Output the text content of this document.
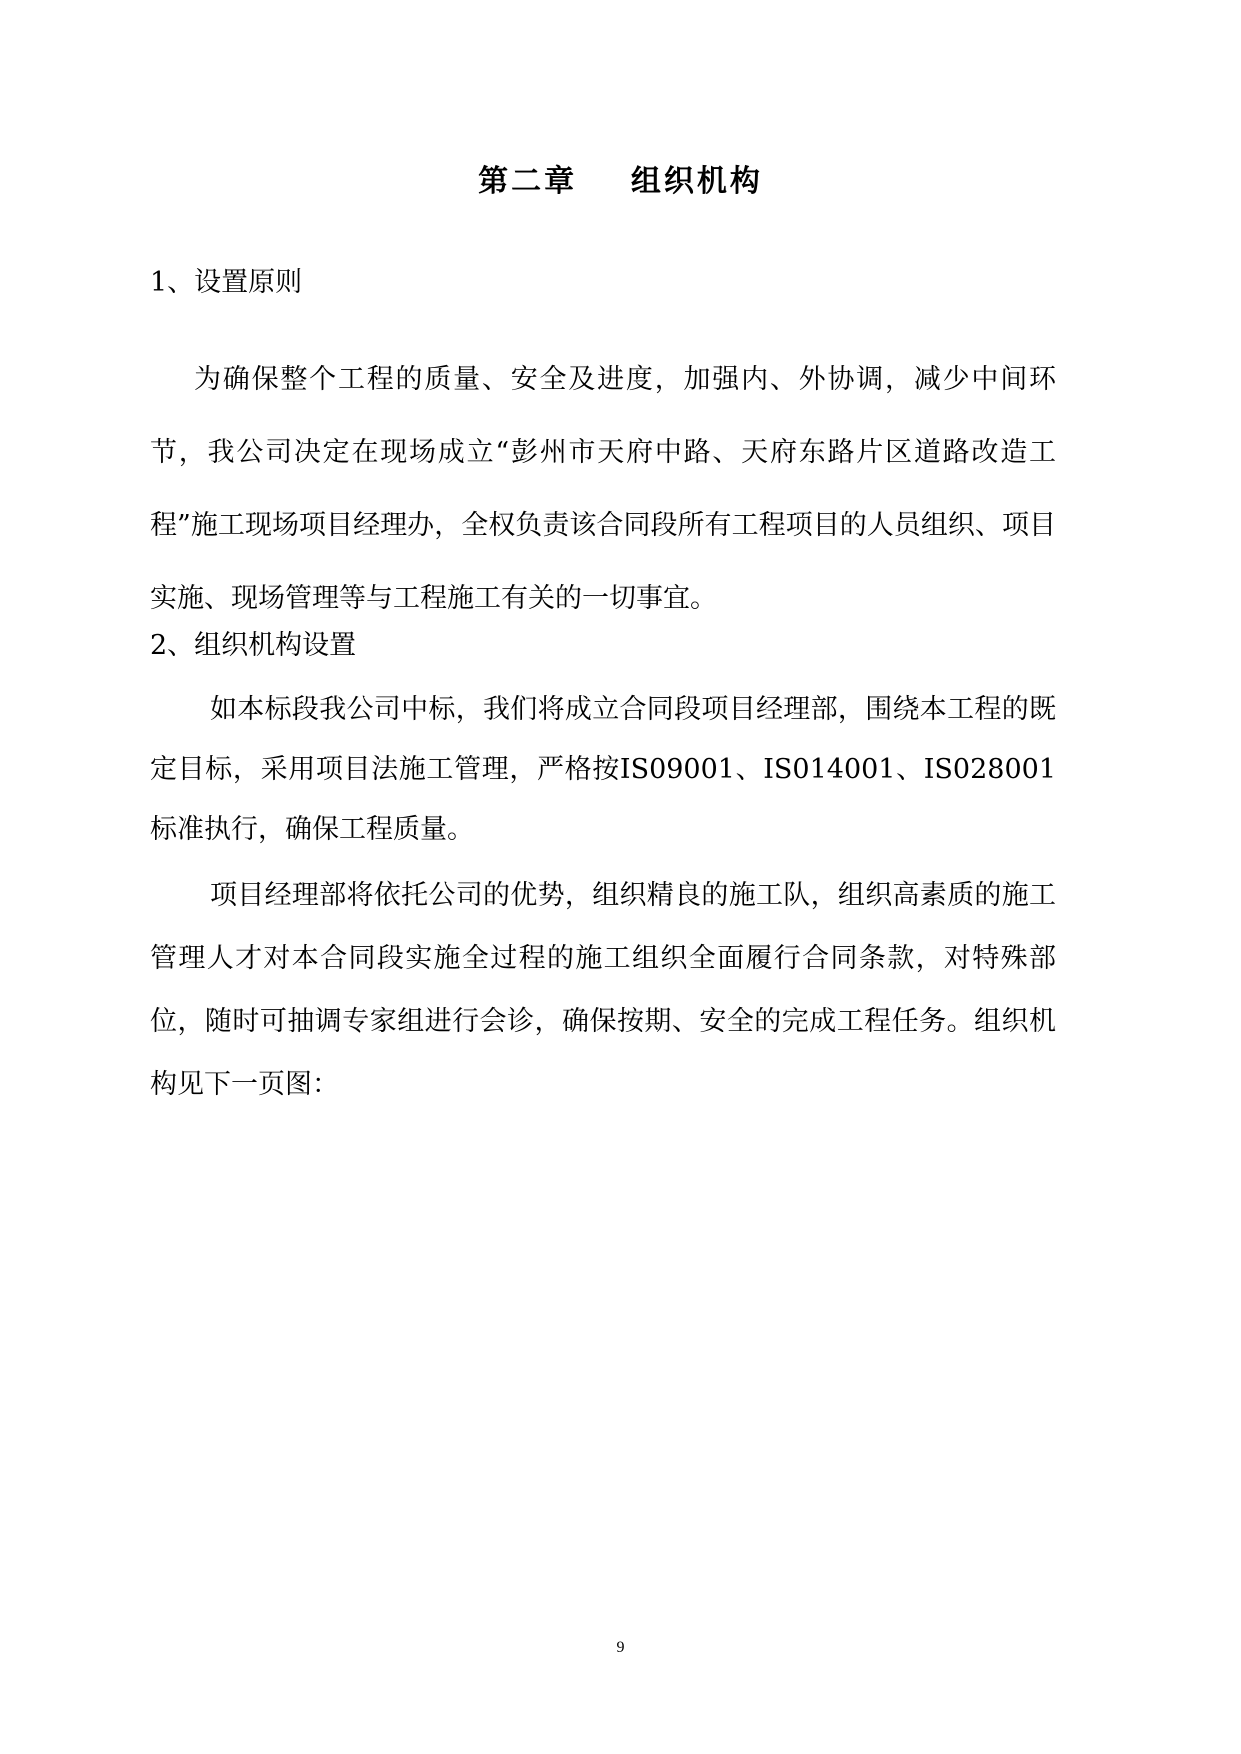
第二章    组织机构
1、设置原则

为确保整个工程的质量、安全及进度，加强内、外协调，减少中间环节，我公司决定在现场成立“彭州市天府中路、天府东路片区道路改造工程”施工现场项目经理办，全权负责该合同段所有工程项目的人员组织、项目实施、现场管理等与工程施工有关的一切事宜。

2、组织机构设置

如本标段我公司中标，我们将成立合同段项目经理部，围绕本工程的既定目标，采用项目法施工管理，严格按IS09001、IS014001、IS028001标准执行，确保工程质量。

项目经理部将依托公司的优势，组织精良的施工队，组织高素质的施工管理人才对本合同段实施全过程的施工组织全面履行合同条款，对特殊部位，随时可抽调专家组进行会诊，确保按期、安全的完成工程任务。组织机构见下一页图：

9
